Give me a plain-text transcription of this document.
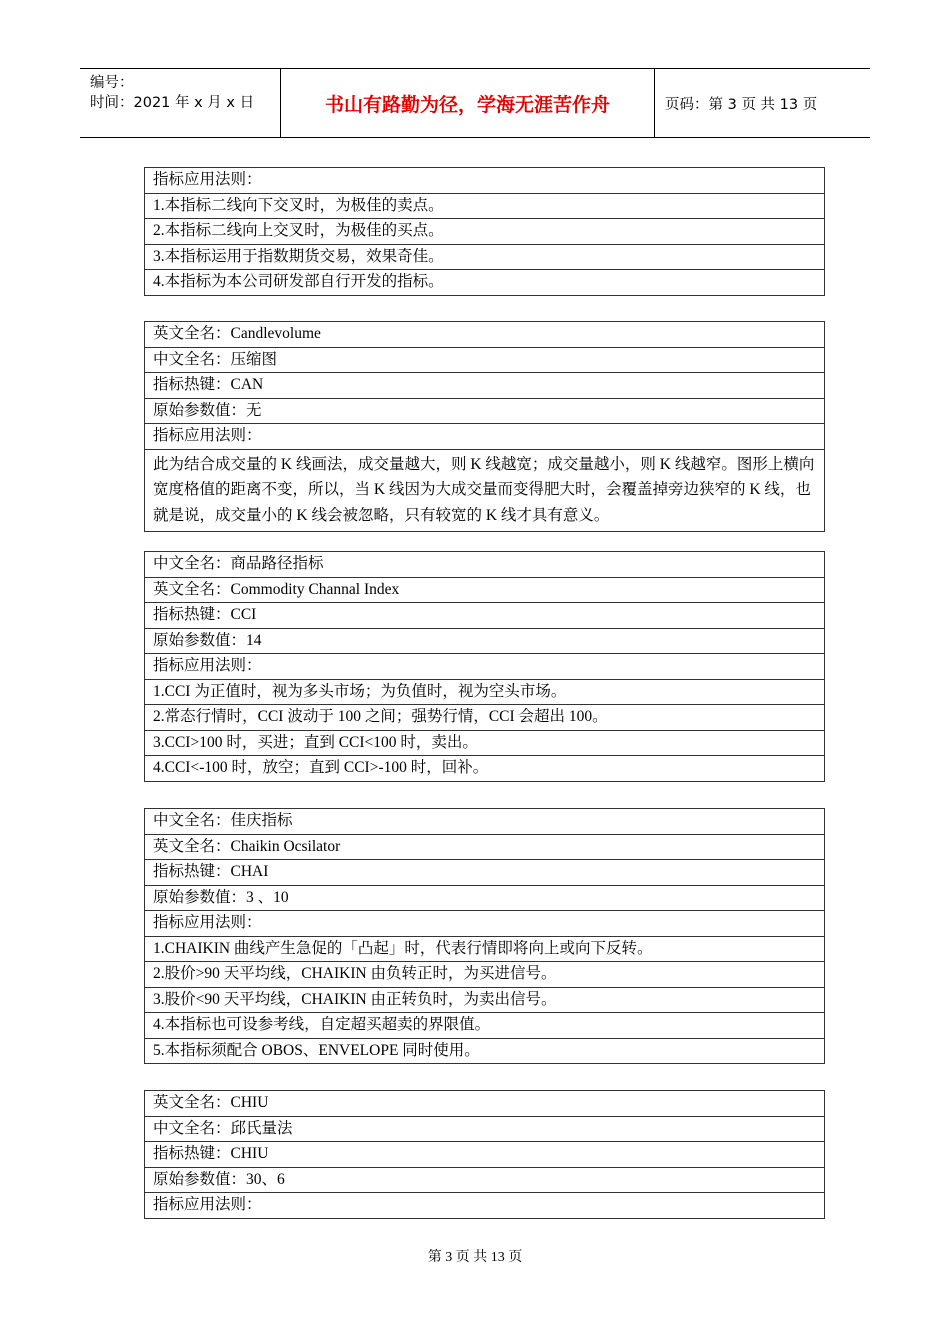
编号：
时间：2021 年 x 月 x 日	书山有路勤为径，学海无涯苦作舟	页码：第 3 页 共 13 页
指标应用法则：
1.本指标二线向下交叉时，为极佳的卖点。
2.本指标二线向上交叉时，为极佳的买点。
3.本指标运用于指数期货交易，效果奇佳。
4.本指标为本公司研发部自行开发的指标。
英文全名：Candlevolume
中文全名：压缩图
指标热键：CAN
原始参数值：无
指标应用法则：
此为结合成交量的 K 线画法，成交量越大，则 K 线越宽；成交量越小，则 K 线越窄。图形上横向宽度格值的距离不变，所以，当 K 线因为大成交量而变得肥大时，会覆盖掉旁边狭窄的 K 线，也就是说，成交量小的 K 线会被忽略，只有较宽的 K 线才具有意义。
中文全名：商品路径指标
英文全名：Commodity Channal Index
指标热键：CCI
原始参数值：14
指标应用法则：
1.CCI 为正值时，视为多头市场；为负值时，视为空头市场。
2.常态行情时，CCI 波动于 100 之间；强势行情，CCI 会超出 100。
3.CCI>100 时，买进；直到 CCI<100 时，卖出。
4.CCI<-100 时，放空；直到 CCI>-100 时，回补。
中文全名：佳庆指标
英文全名：Chaikin Ocsilator
指标热键：CHAI
原始参数值：3 、10
指标应用法则：
1.CHAIKIN 曲线产生急促的「凸起」时，代表行情即将向上或向下反转。
2.股价>90 天平均线，CHAIKIN 由负转正时，为买进信号。
3.股价<90 天平均线，CHAIKIN 由正转负时，为卖出信号。
4.本指标也可设参考线，自定超买超卖的界限值。
5.本指标须配合 OBOS、ENVELOPE 同时使用。
英文全名：CHIU
中文全名：邱氏量法
指标热键：CHIU
原始参数值：30、6
指标应用法则：
第 3 页 共 13 页
